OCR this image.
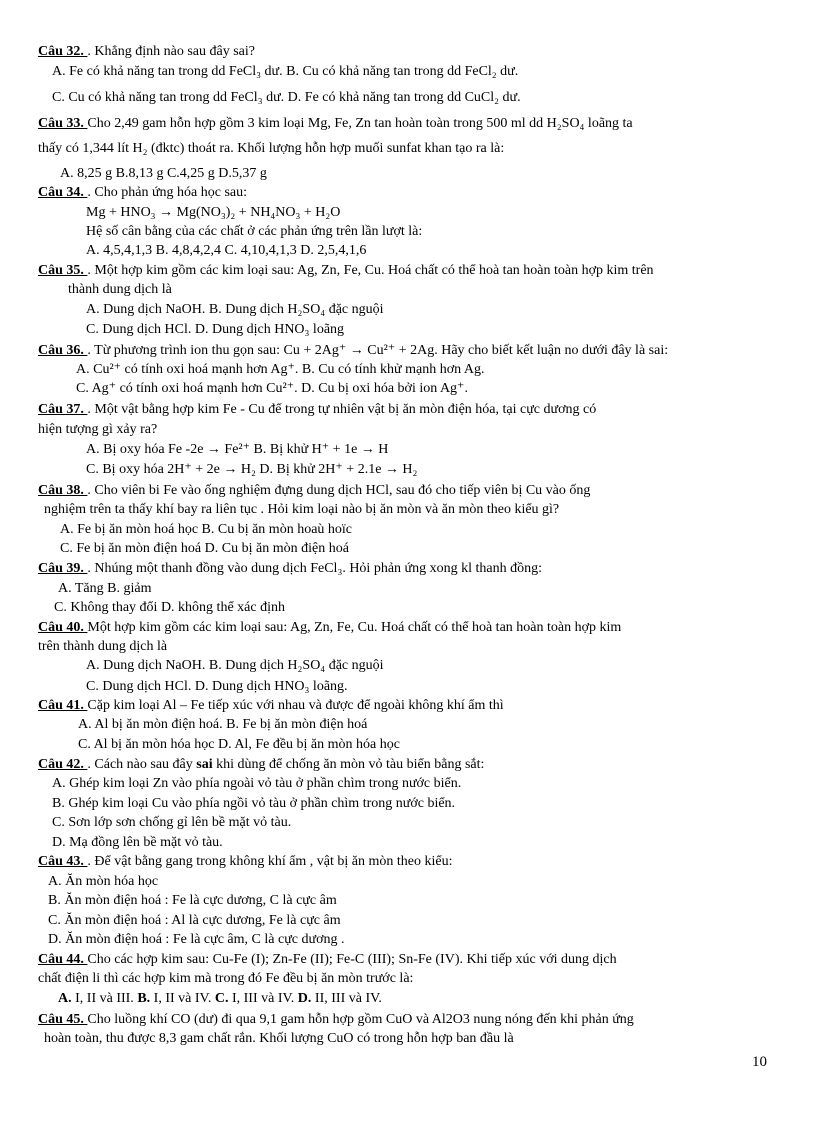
10
Câu 32. . Khẳng định nào sau đây sai?
A. Fe có khả năng tan trong dd FeCl₃ dư. B. Cu có khả năng tan trong dd FeCl₂ dư.
C. Cu có khả năng tan trong dd FeCl₃ dư. D. Fe có khả năng tan trong dd CuCl₂ dư.
Câu 33. Cho 2,49 gam hỗn hợp gồm 3 kim loại Mg, Fe, Zn tan hoàn toàn trong 500 ml dd H₂SO₄ loãng ta
thấy có 1,344 lít H₂ (đktc) thoát ra. Khối lượng hỗn hợp muối sunfat khan tạo ra là:
A. 8,25 g B.8,13 g C.4,25 g D.5,37 g
Câu 34. . Cho phản ứng hóa học sau:
Mg + HNO₃ → Mg(NO₃)₂ + NH₄NO₃ + H₂O
Hệ số cân bằng của các chất ở các phản ứng trên lần lượt là:
A. 4,5,4,1,3 B. 4,8,4,2,4 C. 4,10,4,1,3 D. 2,5,4,1,6
Câu 35. . Một hợp kim gồm các kim loại sau: Ag, Zn, Fe, Cu. Hoá chất có thể hoà tan hoàn toàn hợp kim trên
thành dung dịch là
A. Dung dịch NaOH. B. Dung dịch H₂SO₄ đặc nguội
C. Dung dịch HCl. D. Dung dịch HNO₃ loãng
Câu 36. . Từ phương trình ion thu gọn sau: Cu + 2Ag⁺ → Cu²⁺ + 2Ag. Hãy cho biết kết luận no dưới đây là sai:
A. Cu²⁺ có tính oxi hoá mạnh hơn Ag⁺. B. Cu có tính khử mạnh hơn Ag.
C. Ag⁺ có tính oxi hoá mạnh hơn Cu²⁺. D. Cu bị oxi hóa bởi ion Ag⁺.
Câu 37. . Một vật bằng hợp kim Fe - Cu để trong tự nhiên vật bị ăn mòn điện hóa, tại cực dương có
hiện tượng gì xảy ra?
A. Bị oxy hóa Fe -2e → Fe²⁺ B. Bị khử H⁺ + 1e → H
C. Bị oxy hóa 2H⁺ + 2e → H₂ D. Bị khử 2H⁺ + 2.1e → H₂
Câu 38. . Cho viên bi Fe vào ống nghiệm đựng dung dịch HCl, sau đó cho tiếp viên bị Cu vào ống
nghiệm trên ta thấy khí bay ra liên tục . Hỏi kim loại nào bị ăn mòn và ăn mòn theo kiểu gì?
A. Fe bị ăn mòn hoá học B. Cu bị ăn mòn hoaù hoïc
C. Fe bị ăn mòn điện hoá D. Cu bị ăn mòn điện hoá
Câu 39. . Nhúng một thanh đồng vào dung dịch FeCl₃. Hỏi phản ứng xong kl thanh đồng:
A. Tăng B. giảm
C. Không thay đổi D. không thể xác định
Câu 40. Một hợp kim gồm các kim loại sau: Ag, Zn, Fe, Cu. Hoá chất có thể hoà tan hoàn toàn hợp kim
trên thành dung dịch là
A. Dung dịch NaOH. B. Dung dịch H₂SO₄ đặc nguội
C. Dung dịch HCl. D. Dung dịch HNO₃ loãng.
Câu 41. Cặp kim loại Al – Fe tiếp xúc với nhau và được để ngoài không khí ẩm thì
A. Al bị ăn mòn điện hoá. B. Fe bị ăn mòn điện hoá
C. Al bị ăn mòn hóa học D. Al, Fe đều bị ăn mòn hóa học
Câu 42. . Cách nào sau đây sai khi dùng để chống ăn mòn vỏ tàu biển bằng sắt:
A. Ghép kim loại Zn vào phía ngoài vỏ tàu ở phần chìm trong nước biển.
B. Ghép kim loại Cu vào phía ngồi vỏ tàu ở phần chìm trong nước biển.
C. Sơn lớp sơn chống gỉ lên bề mặt vỏ tàu.
D. Mạ đồng lên bề mặt vỏ tàu.
Câu 43. . Để vật bằng gang trong không khí ẩm , vật bị ăn mòn theo kiểu:
A. Ăn mòn hóa học
B. Ăn mòn điện hoá : Fe là cực dương, C là cực âm
C. Ăn mòn điện hoá : Al là cực dương, Fe là cực âm
D. Ăn mòn điện hoá : Fe là cực âm, C là cực dương .
Câu 44. Cho các hợp kim sau: Cu-Fe (I); Zn-Fe (II); Fe-C (III); Sn-Fe (IV). Khi tiếp xúc với dung dịch
chất điện li thì các hợp kim mà trong đó Fe đều bị ăn mòn trước là:
A. I, II và III. B. I, II và IV. C. I, III và IV. D. II, III và IV.
Câu 45. Cho luồng khí CO (dư) đi qua 9,1 gam hỗn hợp gồm CuO và Al2O3 nung nóng đến khi phản ứng
hoàn toàn, thu được 8,3 gam chất rắn. Khối lượng CuO có trong hỗn hợp ban đầu là
